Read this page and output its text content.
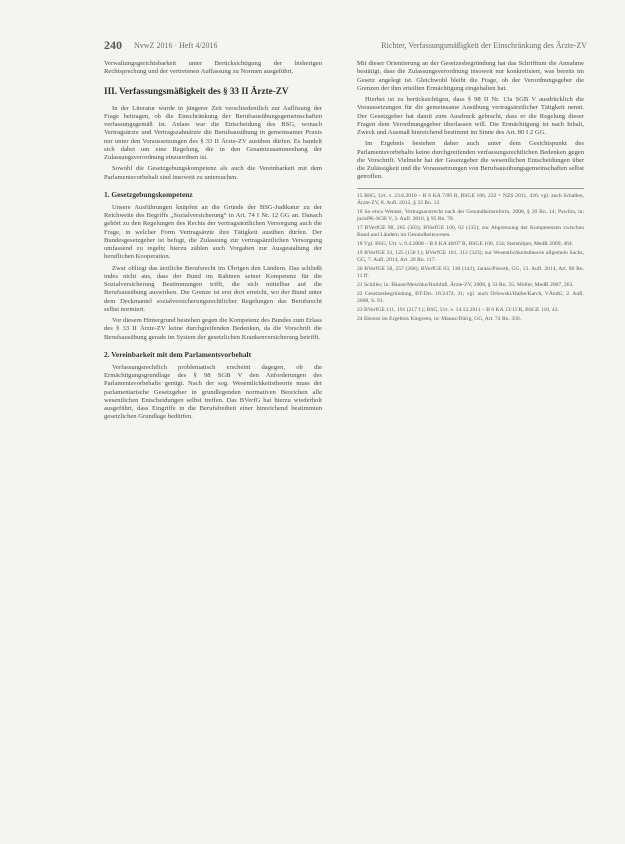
240 NvwZ 2016 · Heft 4/2016	Richter, Verfassungsmäßigkeit der Einschränkung des Ärzte-ZV

Verwaltungsgerichtsbarkeit unter Berücksichtigung der bisherigen Rechtsprechung und der vertretenen Auffassung zu Normen ausgeführt.

III. Verfassungsmäßigkeit des § 33 II Ärzte-ZV

In der Literatur wurde in jüngerer Zeit verschiedentlich zur Auflösung der Frage beitragen, ob die Einschränkung der Berufsausübungsgemeinschaften verfassungsgemäß ist. Anlass war die Entscheidung des BSG, wonach Vertragsärzte und Vertragszahnärzte die Berufsausübung in gemeinsamer Praxis nur unter den Voraussetzungen des § 33 II Ärzte-ZV ausüben dürfen. Es handelt sich dabei um eine Regelung, die in den Gesamtzusammenhang der Zulassungsverordnung einzuordnen ist.

Sowohl die Gesetzgebungskompetenz als auch die Vereinbarkeit mit dem Parlamentsvorbehalt sind insoweit zu untersuchen.

1. Gesetzgebungskompetenz

Unsere Ausführungen knüpfen an die Gründe der BSG-Judikatur zu der Reichweite des Begriffs „Sozialversicherung“ in Art. 74 I Nr. 12 GG an. Danach gehört zu den Regelungen des Rechts der vertragsärztlichen Versorgung auch die Frage, in welcher Form Vertragsärzte ihre Tätigkeit ausüben dürfen. Der Bundesgesetzgeber ist befugt, die Zulassung zur vertragsärztlichen Versorgung umfassend zu regeln; hierzu zählen auch Vorgaben zur Ausgestaltung der beruflichen Kooperation.

Zwar obliegt das ärztliche Berufsrecht im Übrigen den Ländern. Das schließt indes nicht aus, dass der Bund im Rahmen seiner Kompetenz für die Sozialversicherung Bestimmungen trifft, die sich mittelbar auf die Berufsausübung auswirken. Die Grenze ist erst dort erreicht, wo der Bund unter dem Deckmantel sozialversicherungsrechtlicher Regelungen das Berufsrecht selbst normiert.

Vor diesem Hintergrund bestehen gegen die Kompetenz des Bundes zum Erlass des § 33 II Ärzte-ZV keine durchgreifenden Bedenken, da die Vorschrift die Berufsausübung gerade im System der gesetzlichen Krankenversicherung betrifft.

2. Vereinbarkeit mit dem Parlamentsvorbehalt

Verfassungsrechtlich problematisch erscheint dagegen, ob die Ermächtigungsgrundlage des § 98 SGB V den Anforderungen des Parlamentsvorbehalts genügt. Nach der sog. Wesentlichkeitstheorie muss der parlamentarische Gesetzgeber in grundlegenden normativen Bereichen alle wesentlichen Entscheidungen selbst treffen. Das BVerfG hat hierzu wiederholt ausgeführt, dass Eingriffe in die Berufsfreiheit einer hinreichend bestimmten gesetzlichen Grundlage bedürfen.

Mit dieser Orientierung an der Gesetzesbegründung hat das Schrifttum die Annahme bestätigt, dass die Zulassungsverordnung insoweit nur konkretisiert, was bereits im Gesetz angelegt ist. Gleichwohl bleibt die Frage, ob der Verordnungsgeber die Grenzen der ihm erteilten Ermächtigung eingehalten hat.

Hierbei ist zu berücksichtigen, dass § 98 II Nr. 13a SGB V ausdrücklich die Voraussetzungen für die gemeinsame Ausübung vertragsärztlicher Tätigkeit nennt. Der Gesetzgeber hat damit zum Ausdruck gebracht, dass er die Regelung dieser Fragen dem Verordnungsgeber überlassen will. Die Ermächtigung ist nach Inhalt, Zweck und Ausmaß hinreichend bestimmt im Sinne des Art. 80 I 2 GG.

Im Ergebnis bestehen daher auch unter dem Gesichtspunkt des Parlamentsvorbehalts keine durchgreifenden verfassungsrechtlichen Bedenken gegen die Vorschrift. Vielmehr hat der Gesetzgeber die wesentlichen Entscheidungen über die Zulässigkeit und die Voraussetzungen von Berufsausübungsgemeinschaften selbst getroffen.

15 BSG, Urt. v. 23.6.2010 – B 6 KA 7/09 R, BSGE 106, 222 = NZS 2011, 436; vgl. auch Schallen, Ärzte-ZV, 8. Aufl. 2012, § 33 Rn. 12.
16 So etwa Wenner, Vertragsarztrecht nach der Gesundheitsreform, 2008, § 20 Rn. 14; Pawlita, in: jurisPK-SGB V, 3. Aufl. 2016, § 95 Rn. 78.
17 BVerfGE 98, 265 (303); BVerfGE 106, 62 (135); zur Abgrenzung der Kompetenzen zwischen Bund und Ländern im Gesundheitswesen.
18 Vgl. BSG, Urt. v. 9.4.2008 – B 6 KA 40/07 R, BSGE 100, 154; Steinhilper, MedR 2009, 464.
19 BVerfGE 33, 125 (158 f.); BVerfGE 101, 312 (323); zur Wesentlichkeitstheorie allgemein Sachs, GG, 7. Aufl. 2014, Art. 20 Rn. 117.
20 BVerfGE 58, 257 (268); BVerfGE 83, 130 (142); Jarass/Pieroth, GG, 13. Aufl. 2014, Art. 80 Rn. 11 ff.
21 Schiller, in: Bäune/Meschke/Rothfuß, Ärzte-ZV, 2008, § 33 Rn. 35; Möller, MedR 2007, 263.
22 Gesetzesbegründung, BT-Drs. 16/2474, 31; vgl. auch Orlowski/Halbe/Karch, VÄndG, 2. Aufl. 2008, S. 91.
23 BVerfGE 111, 191 (217 f.); BSG, Urt. v. 14.12.2011 – B 6 KA 13/11 R, BSGE 110, 43.
24 Ebenso im Ergebnis Kingreen, in: Maunz/Dürig, GG, Art. 74 Rn. 350.
